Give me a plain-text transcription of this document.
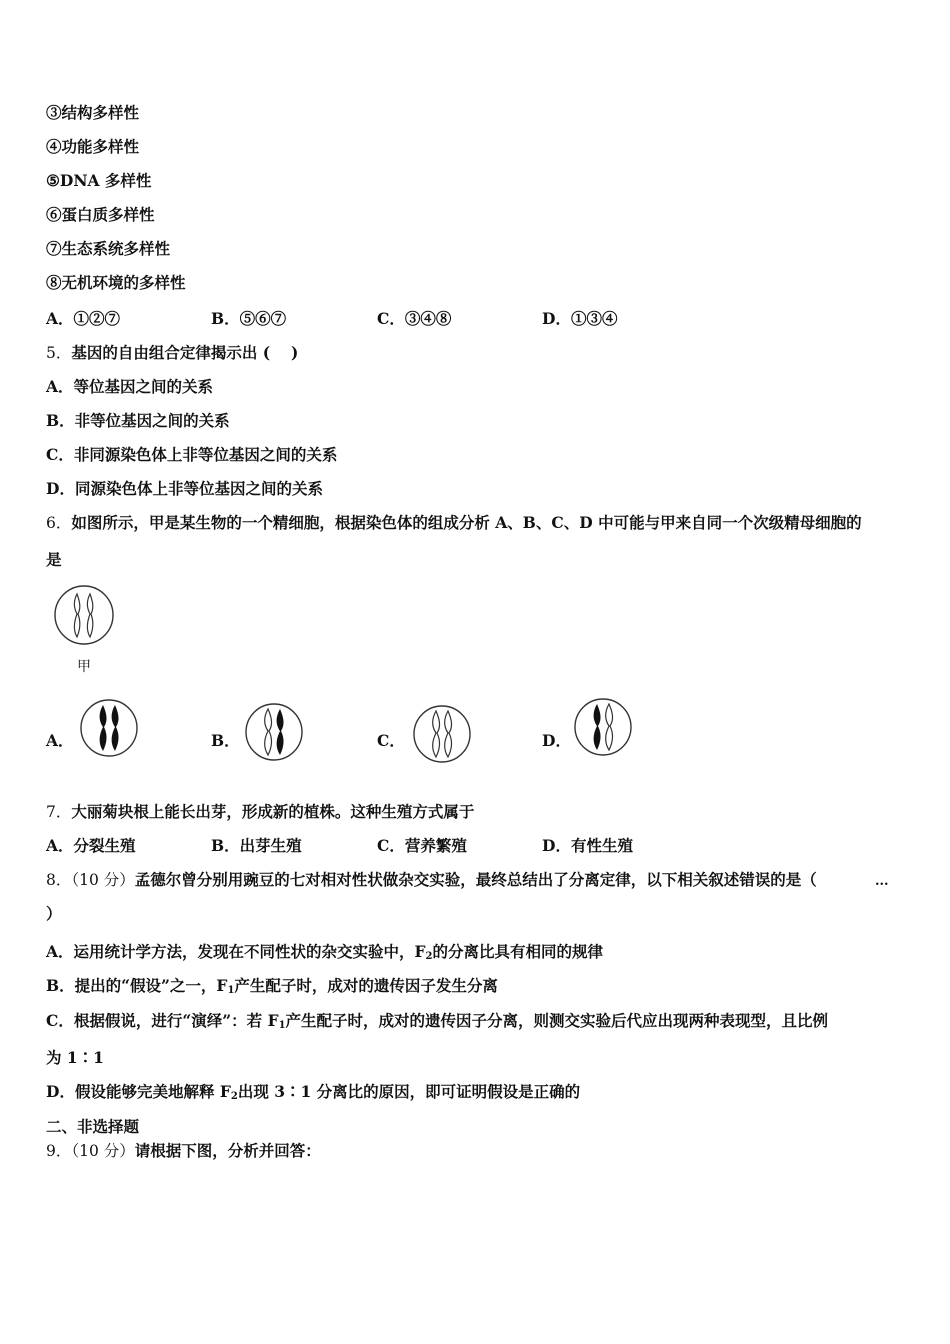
③结构多样性
④功能多样性
⑤DNA 多样性
⑥蛋白质多样性
⑦生态系统多样性
⑧无机环境的多样性
A．①②⑦	B．⑤⑥⑦	C．③④⑧	D．①③④
5．基因的自由组合定律揭示出 (　 )
A．等位基因之间的关系
B．非等位基因之间的关系
C．非同源染色体上非等位基因之间的关系
D．同源染色体上非等位基因之间的关系
6．如图所示，甲是某生物的一个精细胞，根据染色体的组成分析 A、B、C、D 中可能与甲来自同一个次级精母细胞的
是
甲
A．	B．	C．	D．
7．大丽菊块根上能长出芽，形成新的植株。这种生殖方式属于
A．分裂生殖	B．出芽生殖	C．营养繁殖	D．有性生殖
8．（10 分）孟德尔曾分别用豌豆的七对相对性状做杂交实验，最终总结出了分离定律，以下相关叙述错误的是（	...
）
A．运用统计学方法，发现在不同性状的杂交实验中，$F_2$的分离比具有相同的规律
B．提出的“假设”之一，$F_1$产生配子时，成对的遗传因子发生分离
C．根据假说，进行“演绎”：若 $F_1$产生配子时，成对的遗传因子分离，则测交实验后代应出现两种表现型，且比例
为 1∶1
D．假设能够完美地解释 $F_2$出现 3∶1 分离比的原因，即可证明假设是正确的
二、非选择题
9．（10 分）请根据下图，分析并回答：
